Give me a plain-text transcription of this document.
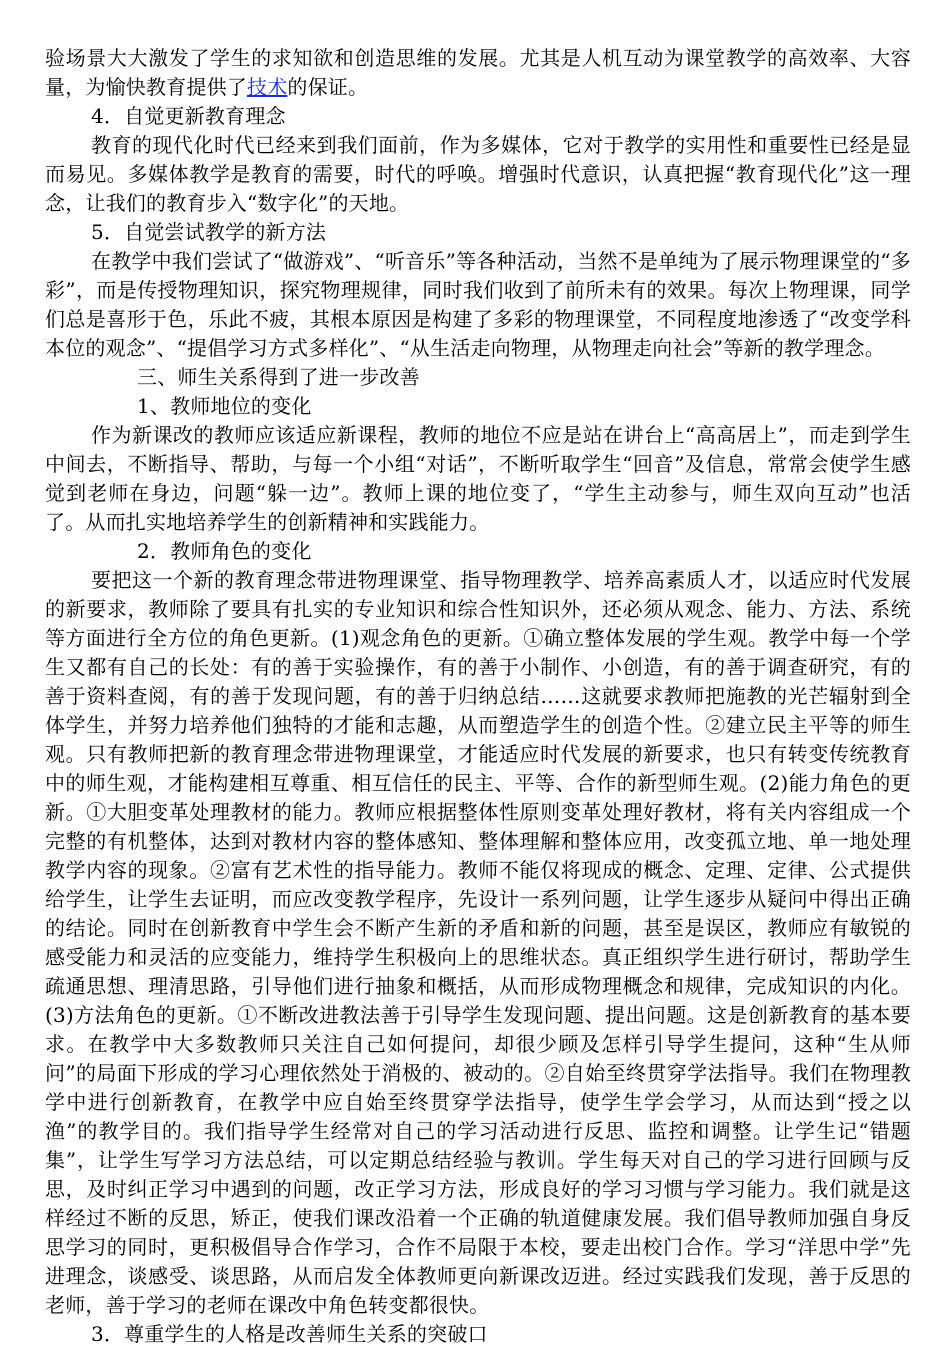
验场景大大激发了学生的求知欲和创造思维的发展。尤其是人机互动为课堂教学的高效率、大容量，为愉快教育提供了技术的保证。

4．自觉更新教育理念

教育的现代化时代已经来到我们面前，作为多媒体，它对于教学的实用性和重要性已经是显而易见。多媒体教学是教育的需要，时代的呼唤。增强时代意识，认真把握“教育现代化”这一理念，让我们的教育步入“数字化”的天地。

5．自觉尝试教学的新方法

在教学中我们尝试了“做游戏”、“听音乐”等各种活动，当然不是单纯为了展示物理课堂的“多彩”，而是传授物理知识，探究物理规律，同时我们收到了前所未有的效果。每次上物理课，同学们总是喜形于色，乐此不疲，其根本原因是构建了多彩的物理课堂，不同程度地渗透了“改变学科本位的观念”、“提倡学习方式多样化”、“从生活走向物理，从物理走向社会”等新的教学理念。

三、师生关系得到了进一步改善

1、教师地位的变化

作为新课改的教师应该适应新课程，教师的地位不应是站在讲台上“高高居上”，而走到学生中间去，不断指导、帮助，与每一个小组“对话”，不断听取学生“回音”及信息，常常会使学生感觉到老师在身边，问题“躲一边”。教师上课的地位变了，“学生主动参与，师生双向互动”也活了。从而扎实地培养学生的创新精神和实践能力。

2．教师角色的变化

要把这一个新的教育理念带进物理课堂、指导物理教学、培养高素质人才，以适应时代发展的新要求，教师除了要具有扎实的专业知识和综合性知识外，还必须从观念、能力、方法、系统等方面进行全方位的角色更新。(1)观念角色的更新。①确立整体发展的学生观。教学中每一个学生又都有自己的长处：有的善于实验操作，有的善于小制作、小创造，有的善于调查研究，有的善于资料查阅，有的善于发现问题，有的善于归纳总结……这就要求教师把施教的光芒辐射到全体学生，并努力培养他们独特的才能和志趣，从而塑造学生的创造个性。②建立民主平等的师生观。只有教师把新的教育理念带进物理课堂，才能适应时代发展的新要求，也只有转变传统教育中的师生观，才能构建相互尊重、相互信任的民主、平等、合作的新型师生观。(2)能力角色的更新。①大胆变革处理教材的能力。教师应根据整体性原则变革处理好教材，将有关内容组成一个完整的有机整体，达到对教材内容的整体感知、整体理解和整体应用，改变孤立地、单一地处理教学内容的现象。②富有艺术性的指导能力。教师不能仅将现成的概念、定理、定律、公式提供给学生，让学生去证明，而应改变教学程序，先设计一系列问题，让学生逐步从疑问中得出正确的结论。同时在创新教育中学生会不断产生新的矛盾和新的问题，甚至是误区，教师应有敏锐的感受能力和灵活的应变能力，维持学生积极向上的思维状态。真正组织学生进行研讨，帮助学生疏通思想、理清思路，引导他们进行抽象和概括，从而形成物理概念和规律，完成知识的内化。(3)方法角色的更新。①不断改进教法善于引导学生发现问题、提出问题。这是创新教育的基本要求。在教学中大多数教师只关注自己如何提问，却很少顾及怎样引导学生提问，这种“生从师问”的局面下形成的学习心理依然处于消极的、被动的。②自始至终贯穿学法指导。我们在物理教学中进行创新教育，在教学中应自始至终贯穿学法指导，使学生学会学习，从而达到“授之以渔”的教学目的。我们指导学生经常对自己的学习活动进行反思、监控和调整。让学生记“错题集”，让学生写学习方法总结，可以定期总结经验与教训。学生每天对自己的学习进行回顾与反思，及时纠正学习中遇到的问题，改正学习方法，形成良好的学习习惯与学习能力。我们就是这样经过不断的反思，矫正，使我们课改沿着一个正确的轨道健康发展。我们倡导教师加强自身反思学习的同时，更积极倡导合作学习，合作不局限于本校，要走出校门合作。学习“洋思中学”先进理念，谈感受、谈思路，从而启发全体教师更向新课改迈进。经过实践我们发现，善于反思的老师，善于学习的老师在课改中角色转变都很快。

3．尊重学生的人格是改善师生关系的突破口
